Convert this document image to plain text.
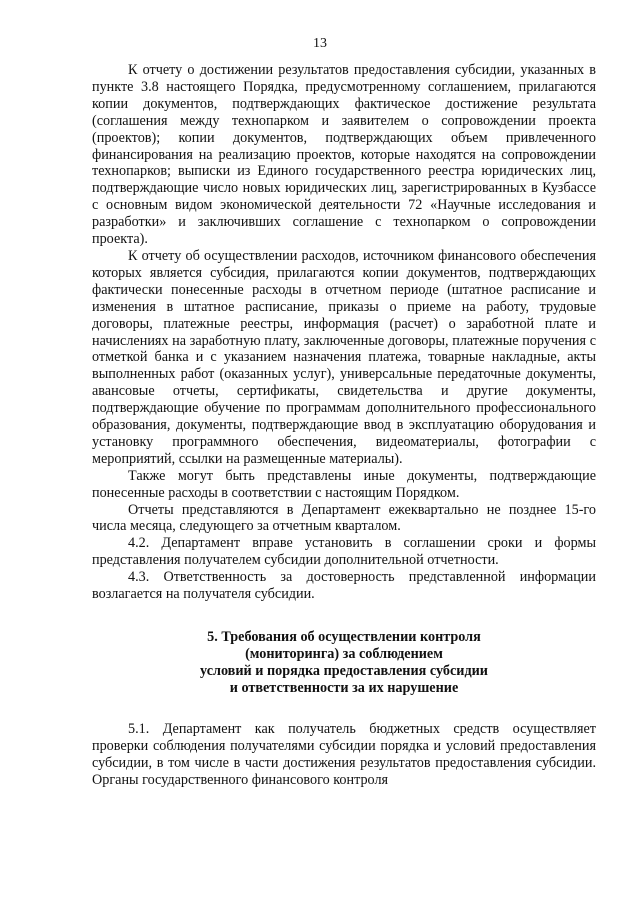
13

К отчету о достижении результатов предоставления субсидии, указанных в пункте 3.8 настоящего Порядка, предусмотренному соглашением, прилагаются копии документов, подтверждающих фактическое достижение результата (соглашения между технопарком и заявителем о сопровождении проекта (проектов); копии документов, подтверждающих объем привлеченного финансирования на реализацию проектов, которые находятся на сопровождении технопарков; выписки из Единого государственного реестра юридических лиц, подтверждающие число новых юридических лиц, зарегистрированных в Кузбассе с основным видом экономической деятельности 72 «Научные исследования и разработки» и заключивших соглашение с технопарком о сопровождении проекта).

К отчету об осуществлении расходов, источником финансового обеспечения которых является субсидия, прилагаются копии документов, подтверждающих фактически понесенные расходы в отчетном периоде (штатное расписание и изменения в штатное расписание, приказы о приеме на работу, трудовые договоры, платежные реестры, информация (расчет) о заработной плате и начислениях на заработную плату, заключенные договоры, платежные поручения с отметкой банка и с указанием назначения платежа, товарные накладные, акты выполненных работ (оказанных услуг), универсальные передаточные документы, авансовые отчеты, сертификаты, свидетельства и другие документы, подтверждающие обучение по программам дополнительного профессионального образования, документы, подтверждающие ввод в эксплуатацию оборудования и установку программного обеспечения, видеоматериалы, фотографии с мероприятий, ссылки на размещенные материалы).

Также могут быть представлены иные документы, подтверждающие понесенные расходы в соответствии с настоящим Порядком.

Отчеты представляются в Департамент ежеквартально не позднее 15-го числа месяца, следующего за отчетным кварталом.

4.2. Департамент вправе установить в соглашении сроки и формы представления получателем субсидии дополнительной отчетности.

4.3. Ответственность за достоверность представленной информации возлагается на получателя субсидии.

5. Требования об осуществлении контроля
(мониторинга) за соблюдением
условий и порядка предоставления субсидии
и ответственности за их нарушение

5.1. Департамент как получатель бюджетных средств осуществляет проверки соблюдения получателями субсидии порядка и условий предоставления субсидии, в том числе в части достижения результатов предоставления субсидии. Органы государственного финансового контроля
